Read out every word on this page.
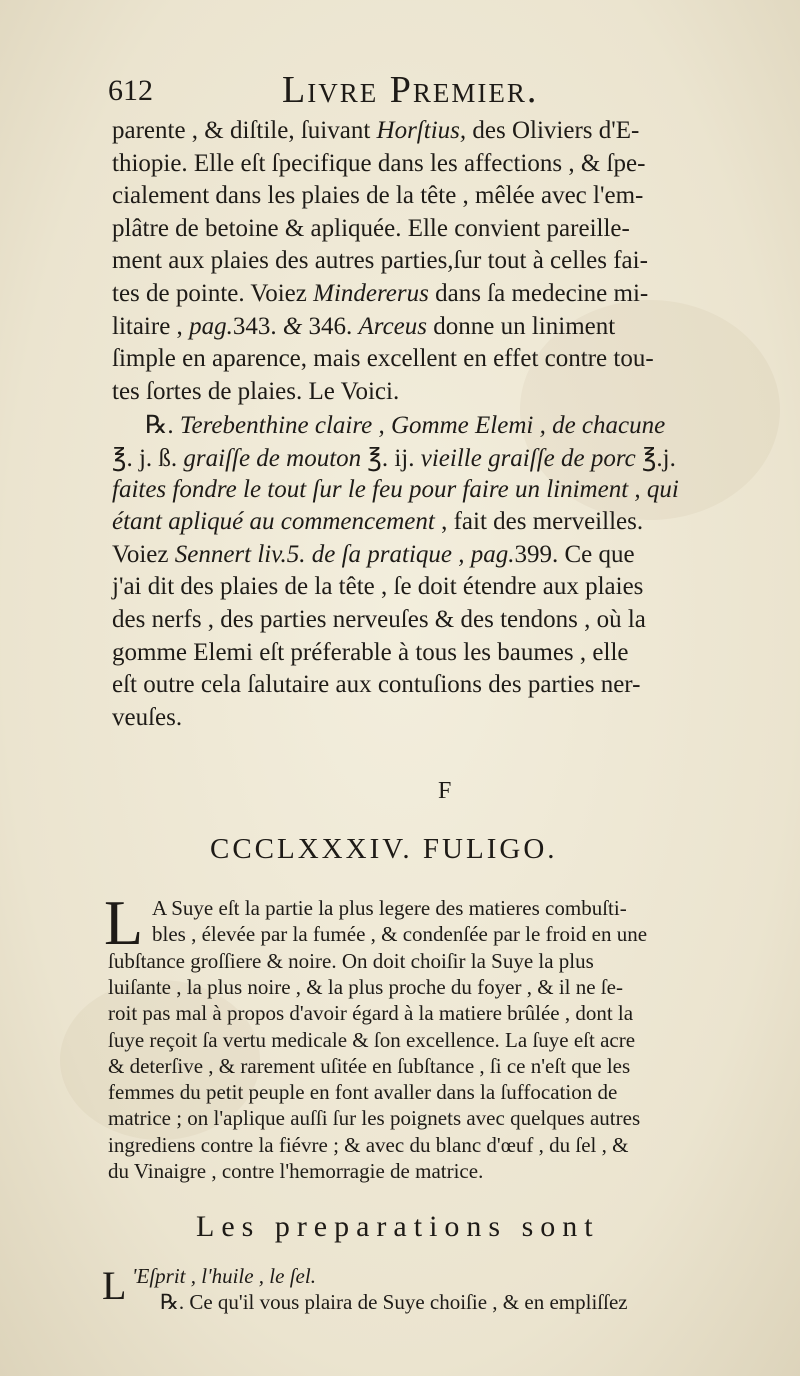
612	Livre Premier.
parente , & diſtile, ſuivant Horſtius, des Oliviers d'E-
thiopie. Elle eſt ſpecifique dans les affections , & ſpe-
cialement dans les plaies de la tête , mêlée avec l'em-
plâtre de betoine & apliquée. Elle convient pareille-
ment aux plaies des autres parties,ſur tout à celles fai-
tes de pointe. Voiez Mindererus dans ſa medecine mi-
litaire , pag.343. & 346. Arceus donne un liniment
ſimple en aparence, mais excellent en effet contre tou-
tes ſortes de plaies. Le Voici.
℞. Terebenthine claire , Gomme Elemi , de chacune
℥. j. ß. graiſſe de mouton ℥. ij. vieille graiſſe de porc ℥.j.
faites fondre le tout ſur le feu pour faire un liniment , qui
étant apliqué au commencement , fait des merveilles.
Voiez Sennert liv.5. de ſa pratique , pag.399. Ce que
j'ai dit des plaies de la tête , ſe doit étendre aux plaies
des nerfs , des parties nerveuſes & des tendons , où la
gomme Elemi eſt préferable à tous les baumes , elle
eſt outre cela ſalutaire aux contuſions des parties ner-
veuſes.
F
CCCLXXXIV. FULIGO.
L A Suye eſt la partie la plus legere des matieres combuſti-
bles , élevée par la fumée , & condenſée par le froid en une
ſubſtance groſſiere & noire. On doit choiſir la Suye la plus
luiſante , la plus noire , & la plus proche du foyer , & il ne ſe-
roit pas mal à propos d'avoir égard à la matiere brûlée , dont la
ſuye reçoit ſa vertu medicale & ſon excellence. La ſuye eſt acre
& deterſive , & rarement uſitée en ſubſtance , ſi ce n'eſt que les
femmes du petit peuple en font avaller dans la ſuffocation de
matrice ; on l'aplique auſſi ſur les poignets avec quelques autres
ingrediens contre la fiévre ; & avec du blanc d'œuf , du ſel , &
du Vinaigre , contre l'hemorragie de matrice.
Les preparations sont
L 'Eſprit , l'huile , le ſel.
℞. Ce qu'il vous plaira de Suye choiſie , & en empliſſez
